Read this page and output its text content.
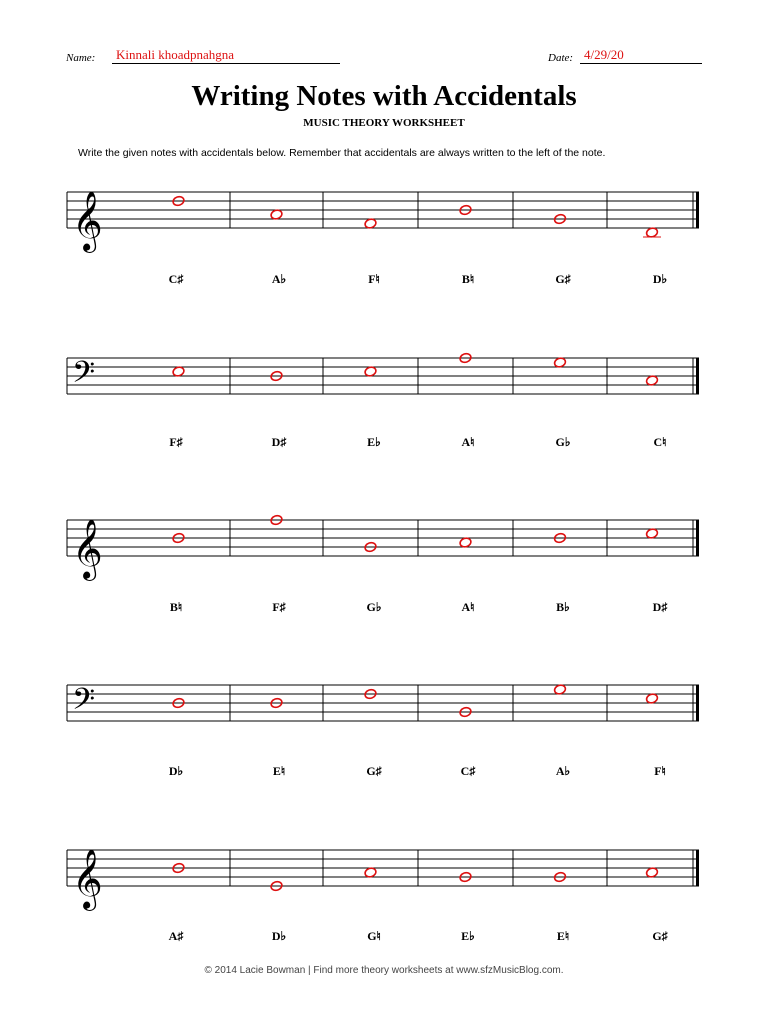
Name:	Kinnali khoadpnahgna	Date: 4/29/20
Writing Notes with Accidentals
MUSIC THEORY WORKSHEET
Write the given notes with accidentals below. Remember that accidentals are always written to the left of the note.
𝄞
C♯	A♭	F♮	B♮	G♯	D♭
𝄢
F♯	D♯	E♭	A♮	G♭	C♮
𝄞
B♮	F♯	G♭	A♮	B♭	D♯
𝄢
D♭	E♮	G♯	C♯	A♭	F♮
𝄞
A♯	D♭	G♮	E♭	E♮	G♯
© 2014 Lacie Bowman | Find more theory worksheets at www.sfzMusicBlog.com.
